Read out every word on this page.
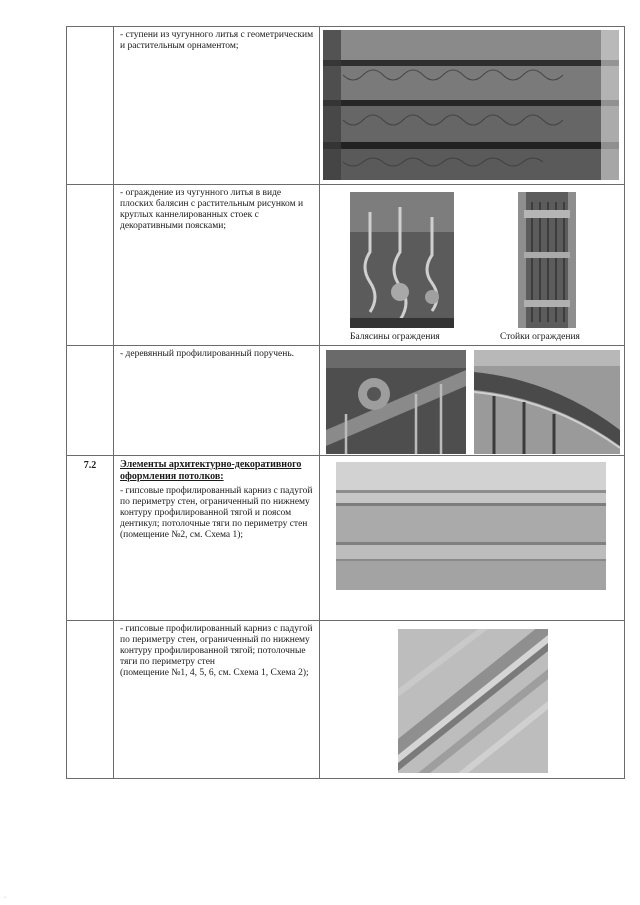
	- ступени из чугунного литья с геометрическим и растительным орнаментом;

	- ограждение из чугунного литья в виде плоских балясин с растительным рисунком и круглых каннелированных стоек с декоративными поясками;	Балясины ограждения Стойки ограждения

	- деревянный профилированный поручень.

7.2	Элементы архитектурно-декоративного оформления потолков:
- гипсовые профилированный карниз с падугой по периметру стен, ограниченный по нижнему контуру профилированной тягой и поясом дентикул; потолочные тяги по периметру стен
(помещение №2, см. Схема 1);

	- гипсовые профилированный карниз с падугой по периметру стен, ограниченный по нижнему контуру профилированной тягой; потолочные тяги по периметру стен
(помещение №1, 4, 5, 6, см. Схема 1, Схема 2);

·
